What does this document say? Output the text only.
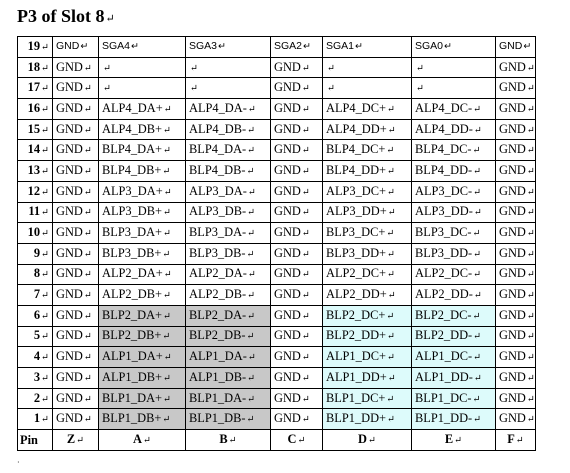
P3 of Slot 8↵
19↵	GND↵	SGA4↵	SGA3↵	SGA2↵	SGA1↵	SGA0↵	GND↵
18↵	GND↵	↵	↵	GND↵	↵	↵	GND↵
17↵	GND↵	↵	↵	GND↵	↵	↵	GND↵
16↵	GND↵	ALP4_DA+↵	ALP4_DA-↵	GND↵	ALP4_DC+↵	ALP4_DC-↵	GND↵
15↵	GND↵	ALP4_DB+↵	ALP4_DB-↵	GND↵	ALP4_DD+↵	ALP4_DD-↵	GND↵
14↵	GND↵	BLP4_DA+↵	BLP4_DA-↵	GND↵	BLP4_DC+↵	BLP4_DC-↵	GND↵
13↵	GND↵	BLP4_DB+↵	BLP4_DB-↵	GND↵	BLP4_DD+↵	BLP4_DD-↵	GND↵
12↵	GND↵	ALP3_DA+↵	ALP3_DA-↵	GND↵	ALP3_DC+↵	ALP3_DC-↵	GND↵
11↵	GND↵	ALP3_DB+↵	ALP3_DB-↵	GND↵	ALP3_DD+↵	ALP3_DD-↵	GND↵
10↵	GND↵	BLP3_DA+↵	BLP3_DA-↵	GND↵	BLP3_DC+↵	BLP3_DC-↵	GND↵
9↵	GND↵	BLP3_DB+↵	BLP3_DB-↵	GND↵	BLP3_DD+↵	BLP3_DD-↵	GND↵
8↵	GND↵	ALP2_DA+↵	ALP2_DA-↵	GND↵	ALP2_DC+↵	ALP2_DC-↵	GND↵
7↵	GND↵	ALP2_DB+↵	ALP2_DB-↵	GND↵	ALP2_DD+↵	ALP2_DD-↵	GND↵
6↵	GND↵	BLP2_DA+↵	BLP2_DA-↵	GND↵	BLP2_DC+↵	BLP2_DC-↵	GND↵
5↵	GND↵	BLP2_DB+↵	BLP2_DB-↵	GND↵	BLP2_DD+↵	BLP2_DD-↵	GND↵
4↵	GND↵	ALP1_DA+↵	ALP1_DA-↵	GND↵	ALP1_DC+↵	ALP1_DC-↵	GND↵
3↵	GND↵	ALP1_DB+↵	ALP1_DB-↵	GND↵	ALP1_DD+↵	ALP1_DD-↵	GND↵
2↵	GND↵	BLP1_DA+↵	BLP1_DA-↵	GND↵	BLP1_DC+↵	BLP1_DC-↵	GND↵
1↵	GND↵	BLP1_DB+↵	BLP1_DB-↵	GND↵	BLP1_DD+↵	BLP1_DD-↵	GND↵
Pin	Z↵	A↵	B↵	C↵	D↵	E↵	F↵
·
